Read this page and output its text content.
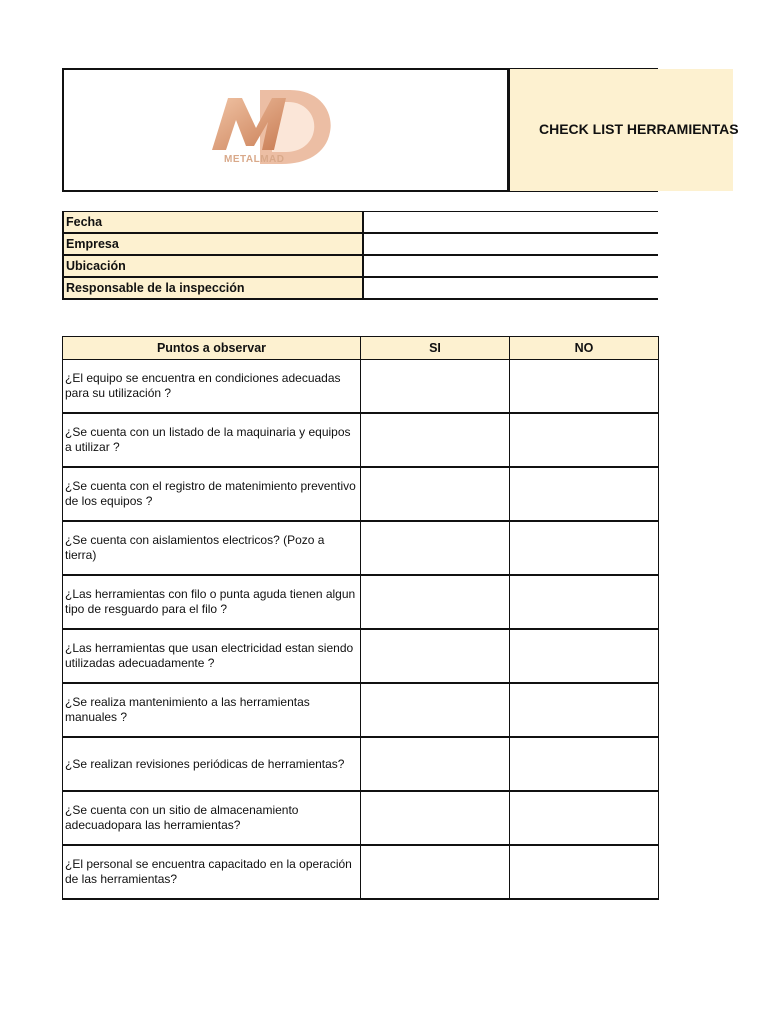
METALMAD
CHECK LIST HERRAMIENTAS
Fecha	
Empresa	
Ubicación	
Responsable de la inspección	
Puntos a observar	SI	NO
¿El equipo se encuentra en condiciones adecuadas para su utilización ?		
¿Se cuenta con un listado de la maquinaria y equipos a utilizar ?		
¿Se cuenta con el registro de matenimiento preventivo de los equipos ?		
¿Se cuenta con aislamientos electricos? (Pozo a tierra)		
¿Las herramientas con filo o punta aguda tienen algun tipo de resguardo para el filo ?		
¿Las herramientas que usan electricidad estan siendo utilizadas adecuadamente ?		
¿Se realiza mantenimiento a las herramientas manuales ?		
¿Se realizan revisiones periódicas de herramientas?		
¿Se cuenta con un sitio de almacenamiento adecuadopara las herramientas?		
¿El personal se encuentra capacitado en la operación de las herramientas?		
